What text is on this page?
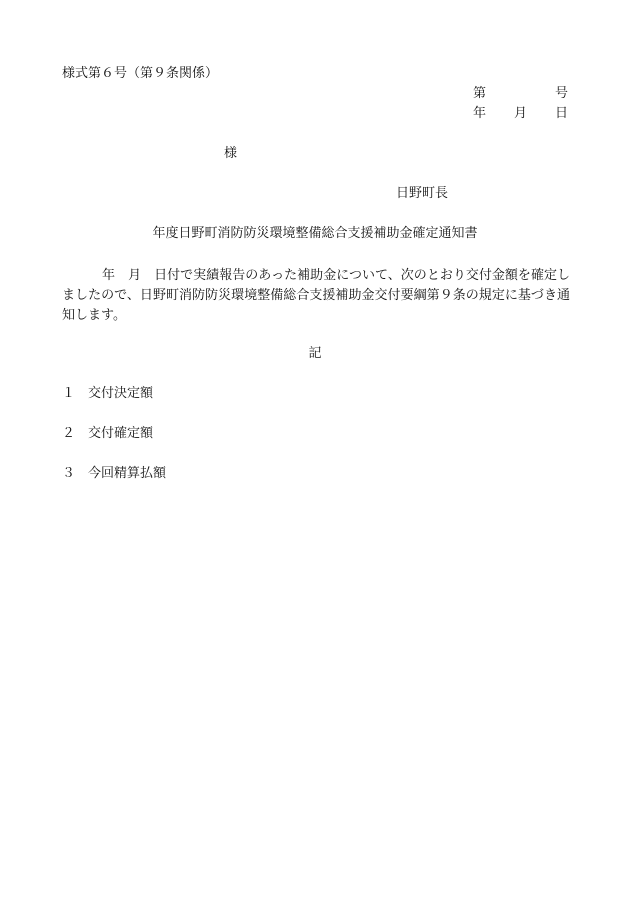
様式第６号（第９条関係）
第	号
年 月 日
様
日野町長
年度日野町消防防災環境整備総合支援補助金確定通知書
年 月 日付で実績報告のあった補助金について、次のとおり交付金額を確定しましたので、日野町消防防災環境整備総合支援補助金交付要綱第９条の規定に基づき通知します。
記
１ 交付決定額
２ 交付確定額
３ 今回精算払額
